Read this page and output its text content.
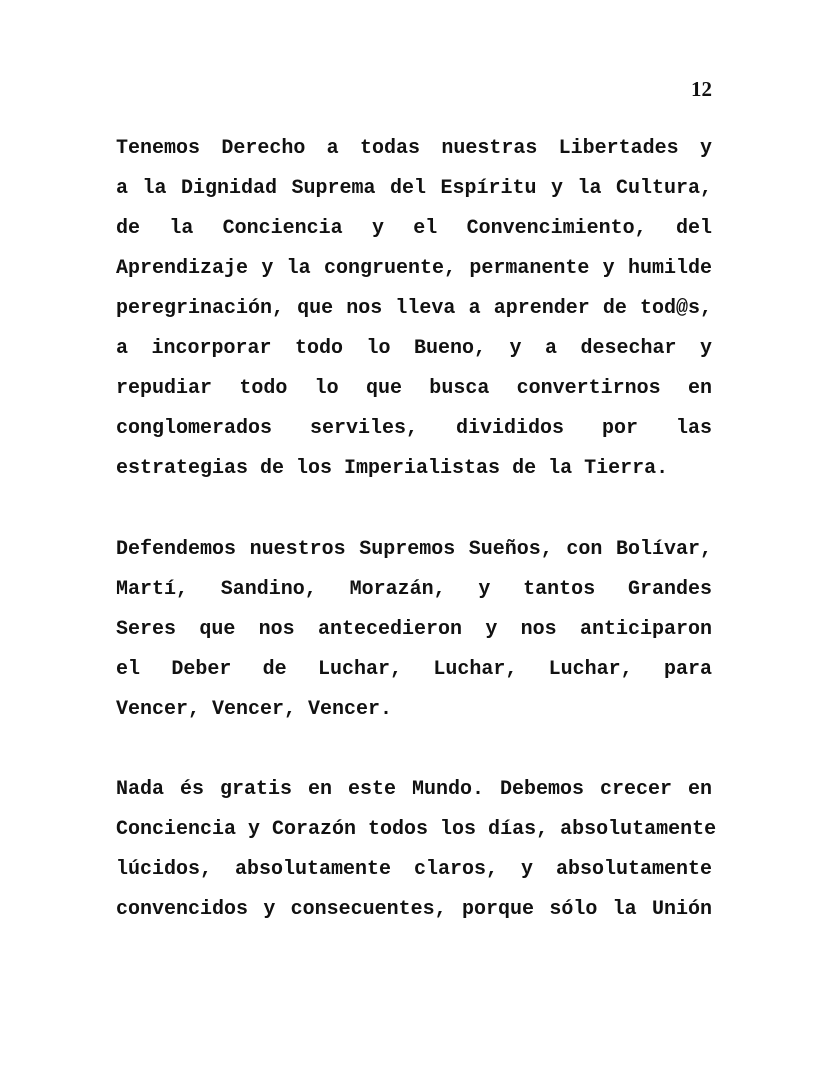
12
Tenemos Derecho a todas nuestras Libertades y
a la Dignidad Suprema del Espíritu y la Cultura,
de la Conciencia y el Convencimiento, del
Aprendizaje y la congruente, permanente y humilde
peregrinación, que nos lleva a aprender de tod@s,
a incorporar todo lo Bueno, y a desechar y
repudiar todo lo que busca convertirnos en
conglomerados serviles, divididos por las
estrategias de los Imperialistas de la Tierra.
Defendemos nuestros Supremos Sueños, con Bolívar,
Martí, Sandino, Morazán, y tantos Grandes
Seres que nos antecedieron y nos anticiparon
el Deber de Luchar, Luchar, Luchar, para
Vencer, Vencer, Vencer.
Nada és gratis en este Mundo. Debemos crecer en
Conciencia y Corazón todos los días, absolutamente
lúcidos, absolutamente claros, y absolutamente
convencidos y consecuentes, porque sólo la Unión
